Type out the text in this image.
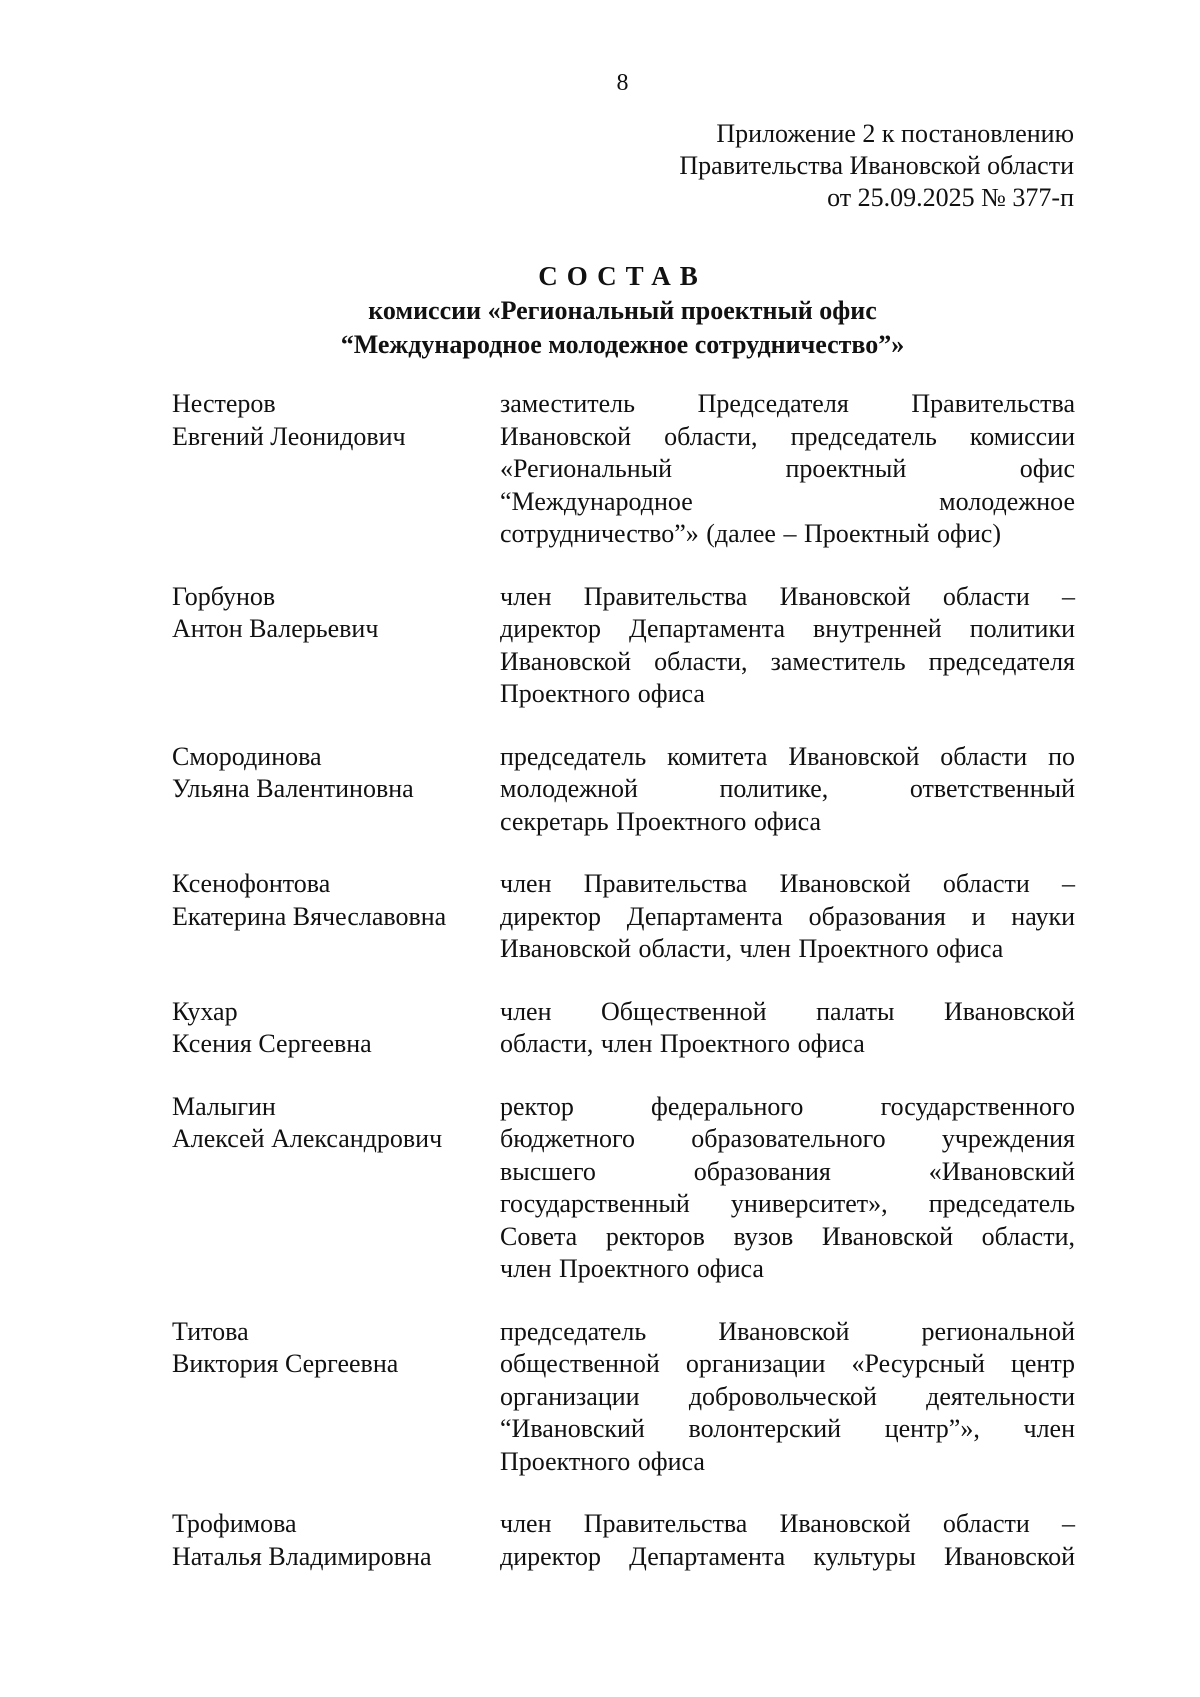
8
Приложение 2 к постановлению
Правительства Ивановской области
от 25.09.2025 № 377-п
СОСТАВ
комиссии «Региональный проектный офис
“Международное молодежное сотрудничество”»
Нестеров
Евгений Леонидович
заместитель Председателя Правительства
Ивановской области, председатель комиссии
«Региональный проектный офис
“Международное молодежное
сотрудничество”» (далее – Проектный офис)
Горбунов
Антон Валерьевич
член Правительства Ивановской области –
директор Департамента внутренней политики
Ивановской области, заместитель председателя
Проектного офиса
Смородинова
Ульяна Валентиновна
председатель комитета Ивановской области по
молодежной политике, ответственный
секретарь Проектного офиса
Ксенофонтова
Екатерина Вячеславовна
член Правительства Ивановской области –
директор Департамента образования и науки
Ивановской области, член Проектного офиса
Кухар
Ксения Сергеевна
член Общественной палаты Ивановской
области, член Проектного офиса
Малыгин
Алексей Александрович
ректор федерального государственного
бюджетного образовательного учреждения
высшего образования «Ивановский
государственный университет», председатель
Совета ректоров вузов Ивановской области,
член Проектного офиса
Титова
Виктория Сергеевна
председатель Ивановской региональной
общественной организации «Ресурсный центр
организации добровольческой деятельности
“Ивановский волонтерский центр”», член
Проектного офиса
Трофимова
Наталья Владимировна
член Правительства Ивановской области –
директор Департамента культуры Ивановской
